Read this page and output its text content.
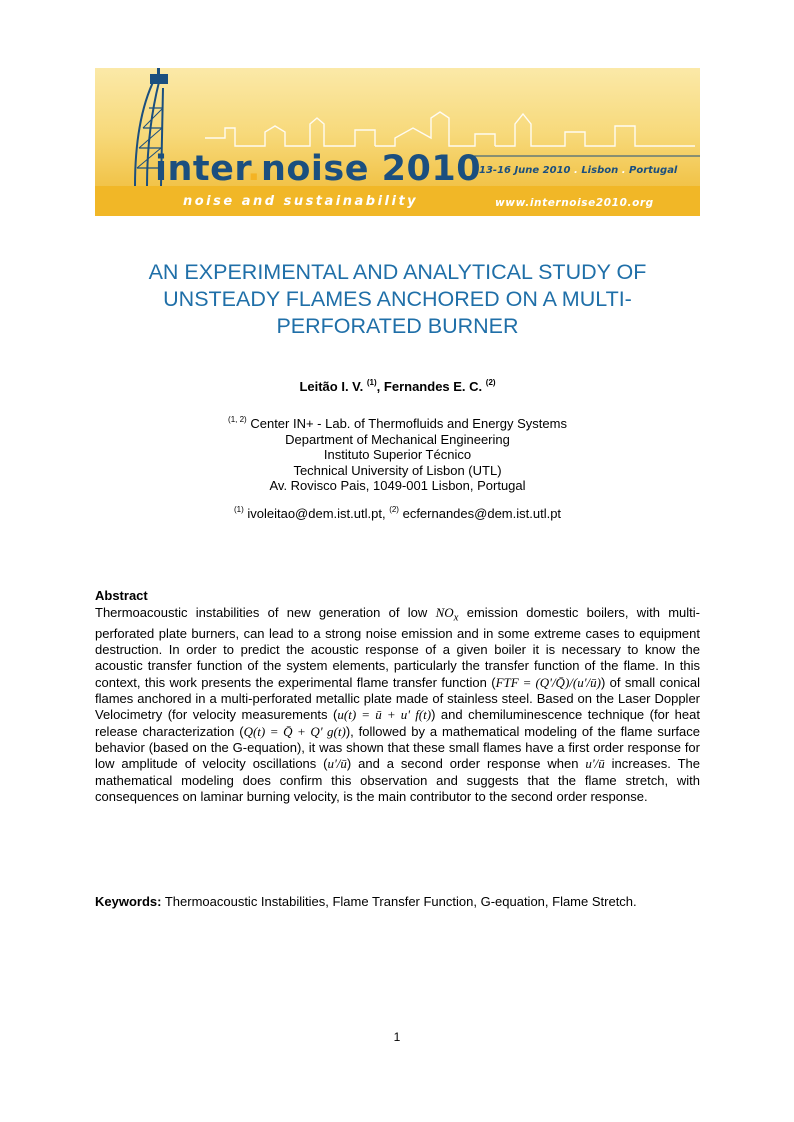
inter.noise 2010
13-16 June 2010 . Lisbon . Portugal
noise and sustainability	www.internoise2010.org
AN EXPERIMENTAL AND ANALYTICAL STUDY OF
UNSTEADY FLAMES ANCHORED ON A MULTI-
PERFORATED BURNER
Leitão I. V. $^{(1)}$, Fernandes E. C. $^{(2)}$
$^{(1, 2)}$ Center IN+ - Lab. of Thermofluids and Energy Systems
Department of Mechanical Engineering
Instituto Superior Técnico
Technical University of Lisbon (UTL)
Av. Rovisco Pais, 1049-001 Lisbon, Portugal
$^{(1)}$ ivoleitao@dem.ist.utl.pt, $^{(2)}$ ecfernandes@dem.ist.utl.pt
Abstract
Thermoacoustic instabilities of new generation of low $NO_x$ emission domestic boilers, with multi-perforated plate burners, can lead to a strong noise emission and in some extreme cases to equipment destruction. In order to predict the acoustic response of a given boiler it is necessary to know the acoustic transfer function of the system elements, particularly the transfer function of the flame. In this context, this work presents the experimental flame transfer function (FTF = (Q'/Q̄)/(u'/ū)) of small conical flames anchored in a multi-perforated metallic plate made of stainless steel. Based on the Laser Doppler Velocimetry (for velocity measurements (u(t) = ū + u' f(t)) and chemiluminescence technique (for heat release characterization (Q(t) = Q̄ + Q' g(t)), followed by a mathematical modeling of the flame surface behavior (based on the G-equation), it was shown that these small flames have a first order response for low amplitude of velocity oscillations (u'/ū) and a second order response when u'/ū increases. The mathematical modeling does confirm this observation and suggests that the flame stretch, with consequences on laminar burning velocity, is the main contributor to the second order response.
Keywords: Thermoacoustic Instabilities, Flame Transfer Function, G-equation, Flame Stretch.
1
